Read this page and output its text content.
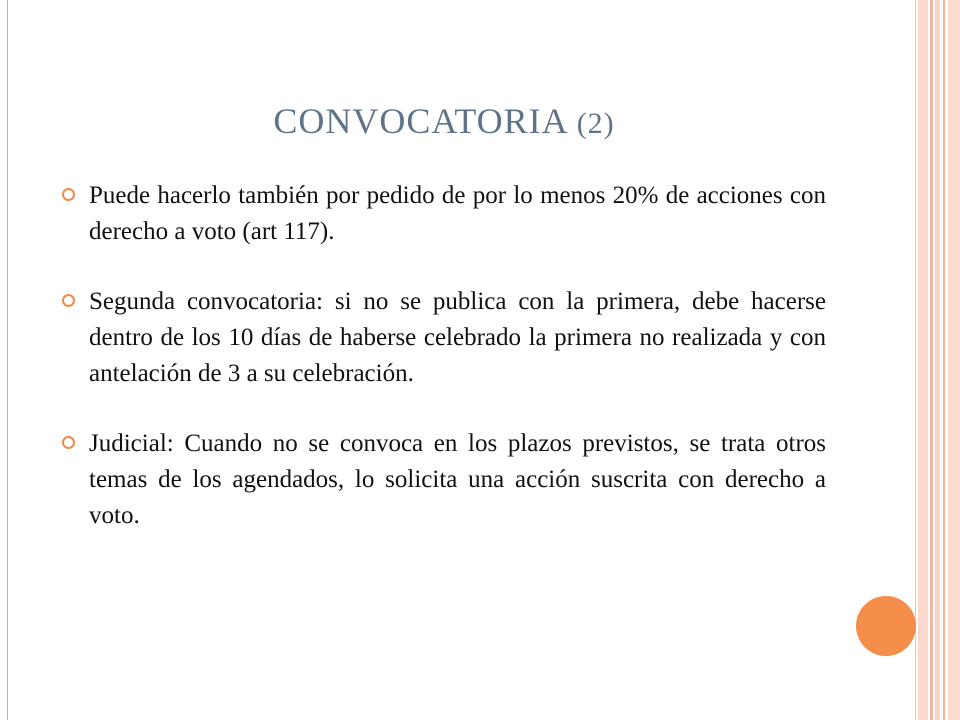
CONVOCATORIA (2)
Puede hacerlo también por pedido de por lo menos 20% de acciones con derecho a voto (art 117).
Segunda convocatoria: si no se publica con la primera, debe hacerse dentro de los 10 días de haberse celebrado la primera no realizada y con antelación de 3 a su celebración.
Judicial: Cuando no se convoca en los plazos previstos, se trata otros temas de los agendados, lo solicita una acción suscrita con derecho a voto.
